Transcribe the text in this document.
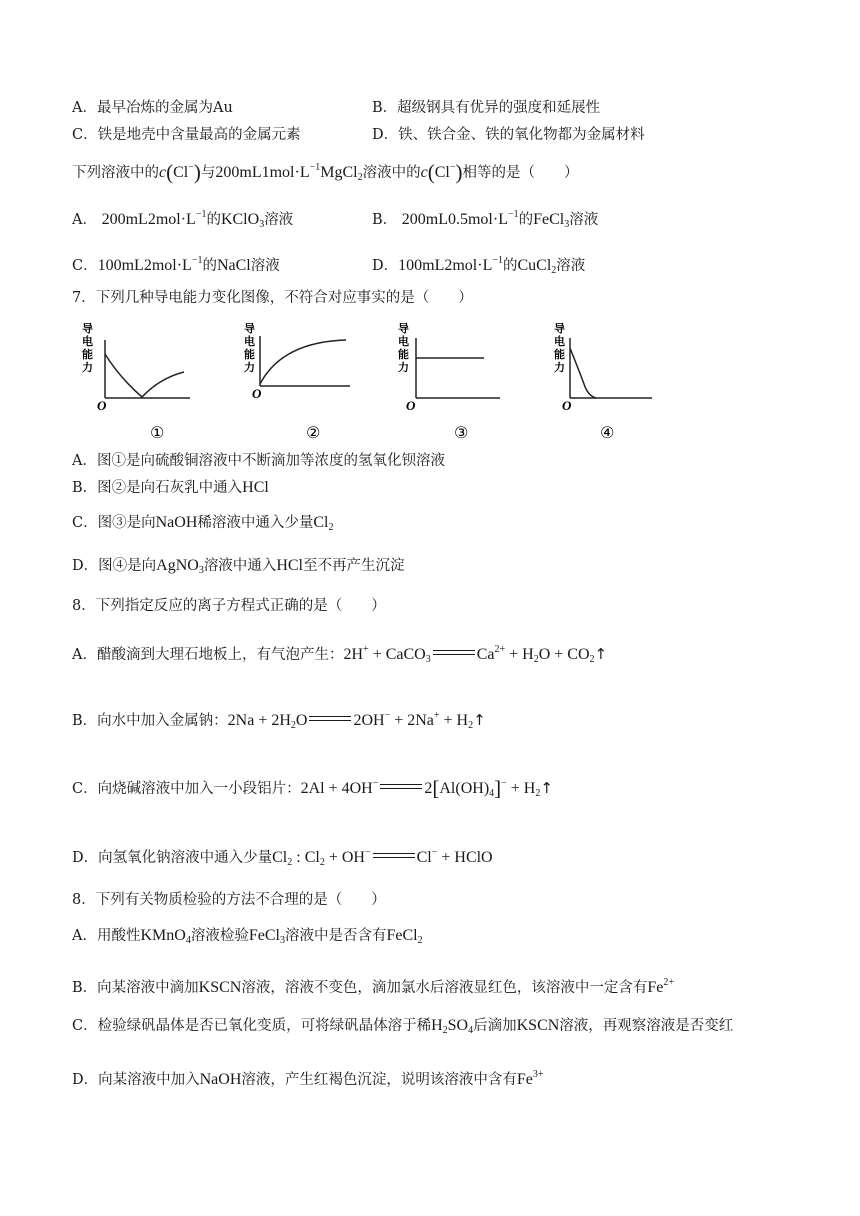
A．最早冶炼的金属为Au	B．超级钢具有优异的强度和延展性
C．铁是地壳中含量最高的金属元素	D．铁、铁合金、铁的氧化物都为金属材料
下列溶液中的c(Cl−)与$200mL1mol\cdot L^{-1}MgCl_2$溶液中的c(Cl−)相等的是（　　）
A． $200mL2mol\cdot L^{-1}$的KClO$_3$溶液	B． $200mL0.5mol\cdot L^{-1}$的FeCl$_3$溶液
C．$100mL2mol\cdot L^{-1}$的NaCl溶液	D．$100mL2mol\cdot L^{-1}$的CuCl$_2$溶液
7．下列几种导电能力变化图像，不符合对应事实的是（　　）
导
电
能
力
O
①
导
电
能
力
O
②
导
电
能
力
O
③
导
电
能
力
O
④
A．图①是向硫酸铜溶液中不断滴加等浓度的氢氧化钡溶液
B．图②是向石灰乳中通入HCl
C．图③是向NaOH稀溶液中通入少量$Cl_2$
D．图④是向AgNO$_3$溶液中通入HCl至不再产生沉淀
8．下列指定反应的离子方程式正确的是（　　）
A．醋酸滴到大理石地板上，有气泡产生：2H+ + CaCO$_3$	$Ca^{2+} + H_2O$ + $CO_2↑$
B．向水中加入金属钠：$2Na + 2H_2O$	$2OH^- + 2Na^+ + H_2↑$
C．向烧碱溶液中加入一小段铝片：2Al + 4OH−	$2[Al(OH)_4]^-$ + $H_2↑$
D．向氢氧化钠溶液中通入少量$Cl_2$ : $Cl_2 + OH^-$	Cl− + HClO
8．下列有关物质检验的方法不合理的是（　　）
A．用酸性KMnO$_4$溶液检验FeCl$_3$溶液中是否含有FeCl$_2$
B．向某溶液中滴加KSCN溶液，溶液不变色，滴加氯水后溶液显红色，该溶液中一定含有$Fe^{2+}$
C．检验绿矾晶体是否已氧化变质，可将绿矾晶体溶于稀$H_2SO_4$后滴加KSCN溶液，再观察溶液是否变红
D．向某溶液中加入NaOH溶液，产生红褐色沉淀，说明该溶液中含有$Fe^{3+}$
